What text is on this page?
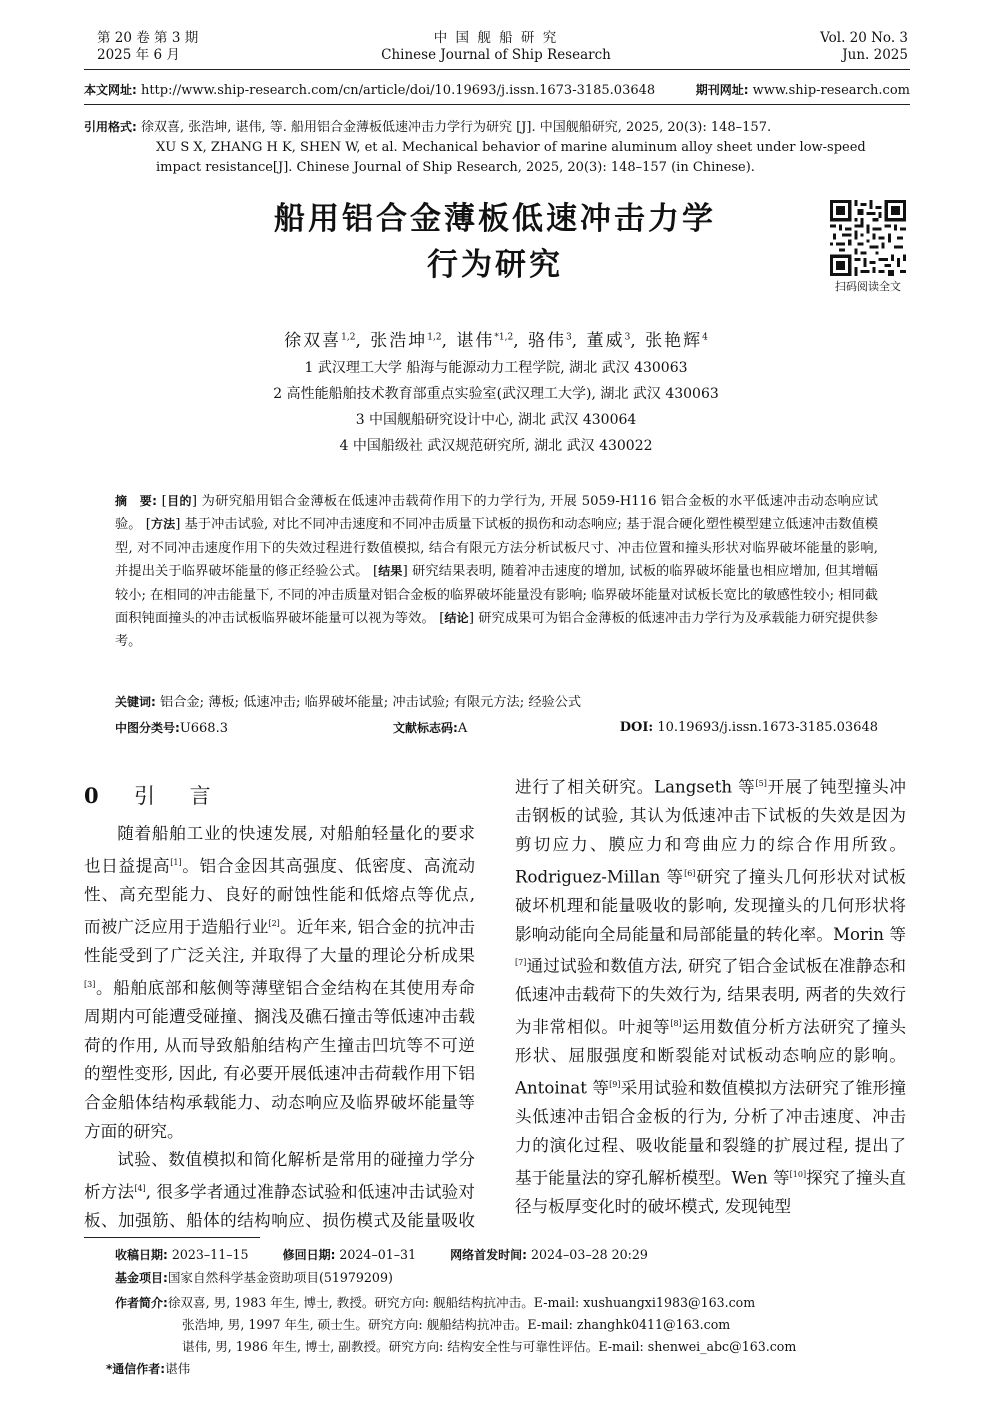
第 20 卷 第 3 期
2025 年 6 月
中 国 舰 船 研 究
Chinese Journal of Ship Research
Vol. 20 No. 3
Jun. 2025
本文网址: http://www.ship-research.com/cn/article/doi/10.19693/j.issn.1673-3185.03648	期刊网址: www.ship-research.com
引用格式: 徐双喜, 张浩坤, 谌伟, 等. 船用铝合金薄板低速冲击力学行为研究 [J]. 中国舰船研究, 2025, 20(3): 148–157.
XU S X, ZHANG H K, SHEN W, et al. Mechanical behavior of marine aluminum alloy sheet under low-speed impact resistance[J]. Chinese Journal of Ship Research, 2025, 20(3): 148–157 (in Chinese).
船用铝合金薄板低速冲击力学
行为研究
扫码阅读全文
徐双喜$^{1,2}$, 张浩坤$^{1,2}$, 谌伟$^{*1,2}$, 骆伟$^3$, 董威$^3$, 张艳辉$^4$
1 武汉理工大学 船海与能源动力工程学院, 湖北 武汉 430063
2 高性能船舶技术教育部重点实验室(武汉理工大学), 湖北 武汉 430063
3 中国舰船研究设计中心, 湖北 武汉 430064
4 中国船级社 武汉规范研究所, 湖北 武汉 430022
摘　要: [目的] 为研究船用铝合金薄板在低速冲击载荷作用下的力学行为, 开展 5059-H116 铝合金板的水平低速冲击动态响应试验。 [方法] 基于冲击试验, 对比不同冲击速度和不同冲击质量下试板的损伤和动态响应; 基于混合硬化塑性模型建立低速冲击数值模型, 对不同冲击速度作用下的失效过程进行数值模拟, 结合有限元方法分析试板尺寸、冲击位置和撞头形状对临界破坏能量的影响, 并提出关于临界破坏能量的修正经验公式。 [结果] 研究结果表明, 随着冲击速度的增加, 试板的临界破坏能量也相应增加, 但其增幅较小; 在相同的冲击能量下, 不同的冲击质量对铝合金板的临界破坏能量没有影响; 临界破坏能量对试板长宽比的敏感性较小; 相同截面积钝面撞头的冲击试板临界破坏能量可以视为等效。 [结论] 研究成果可为铝合金薄板的低速冲击力学行为及承载能力研究提供参考。
关键词: 铝合金; 薄板; 低速冲击; 临界破坏能量; 冲击试验; 有限元方法; 经验公式
中图分类号:U668.3	文献标志码:A	DOI: 10.19693/j.issn.1673-3185.03648
0 引 言

随着船舶工业的快速发展, 对船舶轻量化的要求也日益提高[1]。铝合金因其高强度、低密度、高流动性、高充型能力、良好的耐蚀性能和低熔点等优点, 而被广泛应用于造船行业[2]。近年来, 铝合金的抗冲击性能受到了广泛关注, 并取得了大量的理论分析成果[3]。船舶底部和舷侧等薄壁铝合金结构在其使用寿命周期内可能遭受碰撞、搁浅及礁石撞击等低速冲击载荷的作用, 从而导致船舶结构产生撞击凹坑等不可逆的塑性变形, 因此, 有必要开展低速冲击荷载作用下铝合金船体结构承载能力、动态响应及临界破坏能量等方面的研究。

试验、数值模拟和简化解析是常用的碰撞力学分析方法[4], 很多学者通过准静态试验和低速冲击试验对板、加强筋、船体的结构响应、损伤模式及能量吸收

进行了相关研究。Langseth 等[5]开展了钝型撞头冲击钢板的试验, 其认为低速冲击下试板的失效是因为剪切应力、膜应力和弯曲应力的综合作用所致。Rodriguez-Millan 等[6]研究了撞头几何形状对试板破坏机理和能量吸收的影响, 发现撞头的几何形状将影响动能向全局能量和局部能量的转化率。Morin 等[7]通过试验和数值方法, 研究了铝合金试板在准静态和低速冲击载荷下的失效行为, 结果表明, 两者的失效行为非常相似。叶昶等[8]运用数值分析方法研究了撞头形状、屈服强度和断裂能对试板动态响应的影响。Antoinat 等[9]采用试验和数值模拟方法研究了锥形撞头低速冲击铝合金板的行为, 分析了冲击速度、冲击力的演化过程、吸收能量和裂缝的扩展过程, 提出了基于能量法的穿孔解析模型。Wen 等[10]探究了撞头直径与板厚变化时的破坏模式, 发现钝型

收稿日期: 2023–11–15	修回日期: 2024–01–31	网络首发时间: 2024–03–28 20:29
基金项目:国家自然科学基金资助项目(51979209)
作者简介:徐双喜, 男, 1983 年生, 博士, 教授。研究方向: 舰船结构抗冲击。E-mail: xushuangxi1983@163.com
张浩坤, 男, 1997 年生, 硕士生。研究方向: 舰船结构抗冲击。E-mail: zhanghk0411@163.com
谌伟, 男, 1986 年生, 博士, 副教授。研究方向: 结构安全性与可靠性评估。E-mail: shenwei_abc@163.com
*通信作者:谌伟
